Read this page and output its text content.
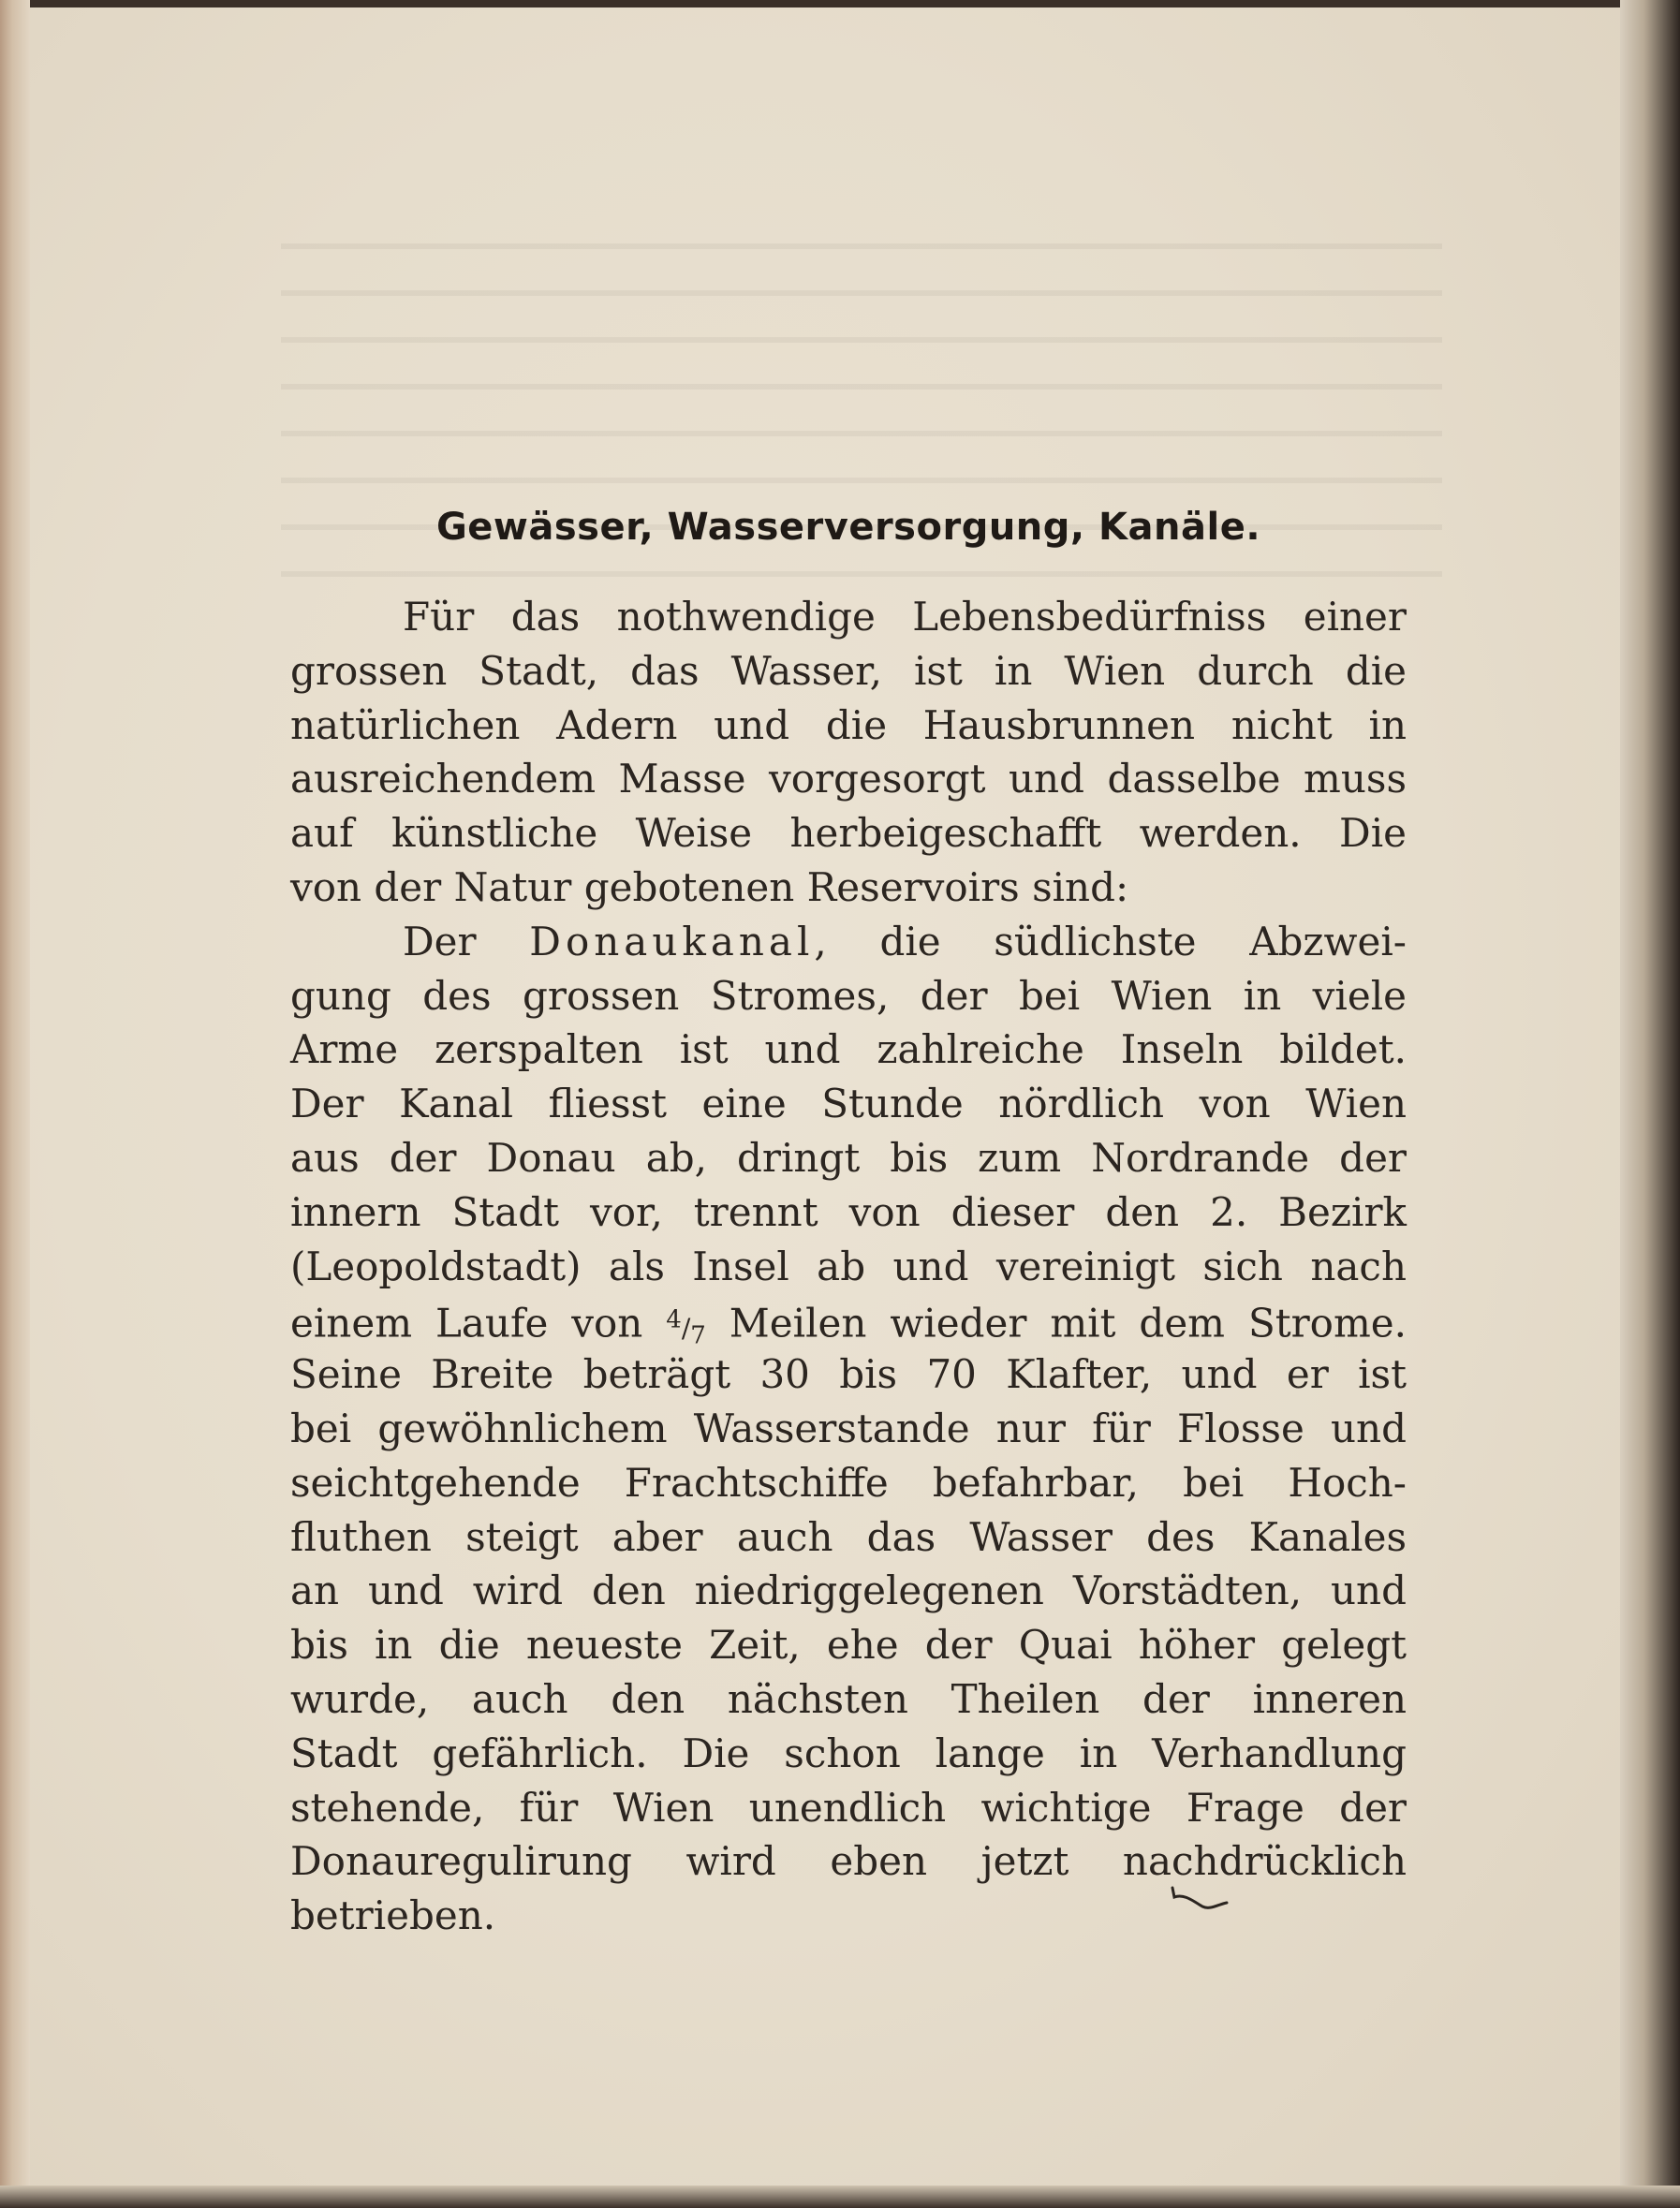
Gewässer, Wasserversorgung, Kanäle.
Für das nothwendige Lebensbedürfniss einer
grossen Stadt, das Wasser, ist in Wien durch die
natürlichen Adern und die Hausbrunnen nicht in
ausreichendem Masse vorgesorgt und dasselbe muss
auf künstliche Weise herbeigeschafft werden. Die
von der Natur gebotenen Reservoirs sind:
Der Donaukanal, die südlichste Abzwei-
gung des grossen Stromes, der bei Wien in viele
Arme zerspalten ist und zahlreiche Inseln bildet.
Der Kanal fliesst eine Stunde nördlich von Wien
aus der Donau ab, dringt bis zum Nordrande der
innern Stadt vor, trennt von dieser den 2. Bezirk
(Leopoldstadt) als Insel ab und vereinigt sich nach
einem Laufe von $^4/_7$ Meilen wieder mit dem Strome.
Seine Breite beträgt 30 bis 70 Klafter, und er ist
bei gewöhnlichem Wasserstande nur für Flosse und
seichtgehende Frachtschiffe befahrbar, bei Hoch-
fluthen steigt aber auch das Wasser des Kanales
an und wird den niedriggelegenen Vorstädten, und
bis in die neueste Zeit, ehe der Quai höher gelegt
wurde, auch den nächsten Theilen der inneren
Stadt gefährlich. Die schon lange in Verhandlung
stehende, für Wien unendlich wichtige Frage der
Donauregulirung wird eben jetzt nachdrücklich
betrieben.
